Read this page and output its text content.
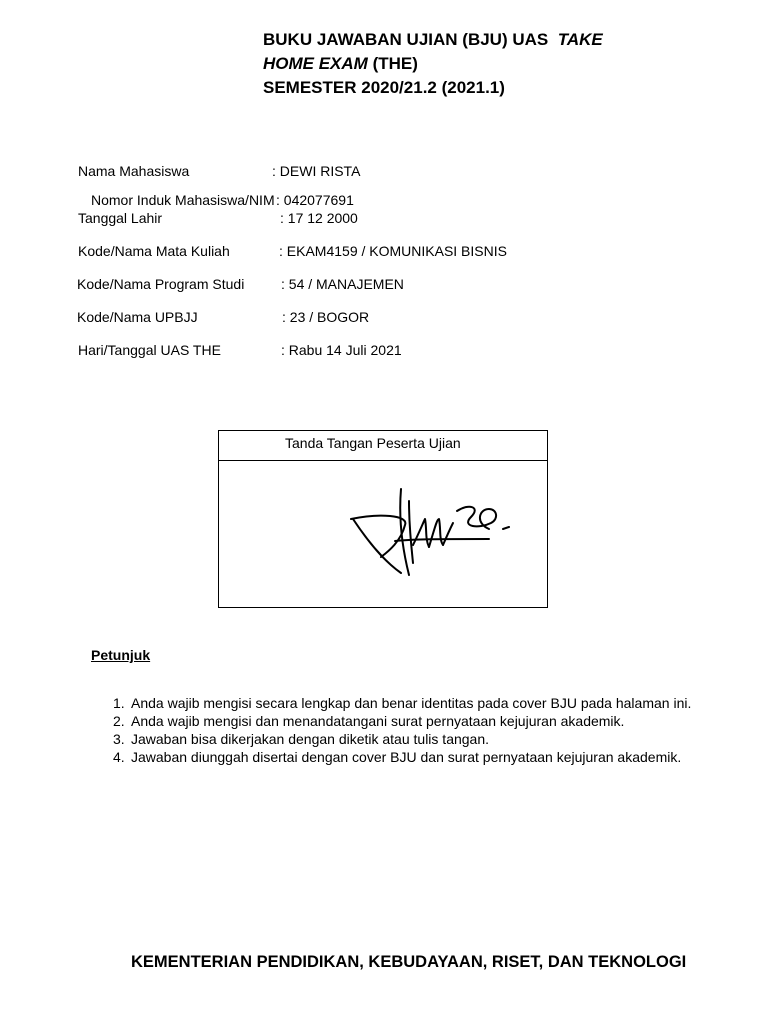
BUKU JAWABAN UJIAN (BJU) UAS TAKE
HOME EXAM (THE)
SEMESTER 2020/21.2 (2021.1)
Nama Mahasiswa	: DEWI RISTA
Nomor Induk Mahasiswa/NIM : 042077691
Tanggal Lahir	: 17 12 2000
Kode/Nama Mata Kuliah	: EKAM4159 / KOMUNIKASI BISNIS
Kode/Nama Program Studi	: 54 / MANAJEMEN
Kode/Nama UPBJJ	: 23 / BOGOR
Hari/Tanggal UAS THE	: Rabu 14 Juli 2021
Tanda Tangan Peserta Ujian
Petunjuk
1. Anda wajib mengisi secara lengkap dan benar identitas pada cover BJU pada halaman ini.
2. Anda wajib mengisi dan menandatangani surat pernyataan kejujuran akademik.
3. Jawaban bisa dikerjakan dengan diketik atau tulis tangan.
4. Jawaban diunggah disertai dengan cover BJU dan surat pernyataan kejujuran akademik.
KEMENTERIAN PENDIDIKAN, KEBUDAYAAN, RISET, DAN TEKNOLOGI
